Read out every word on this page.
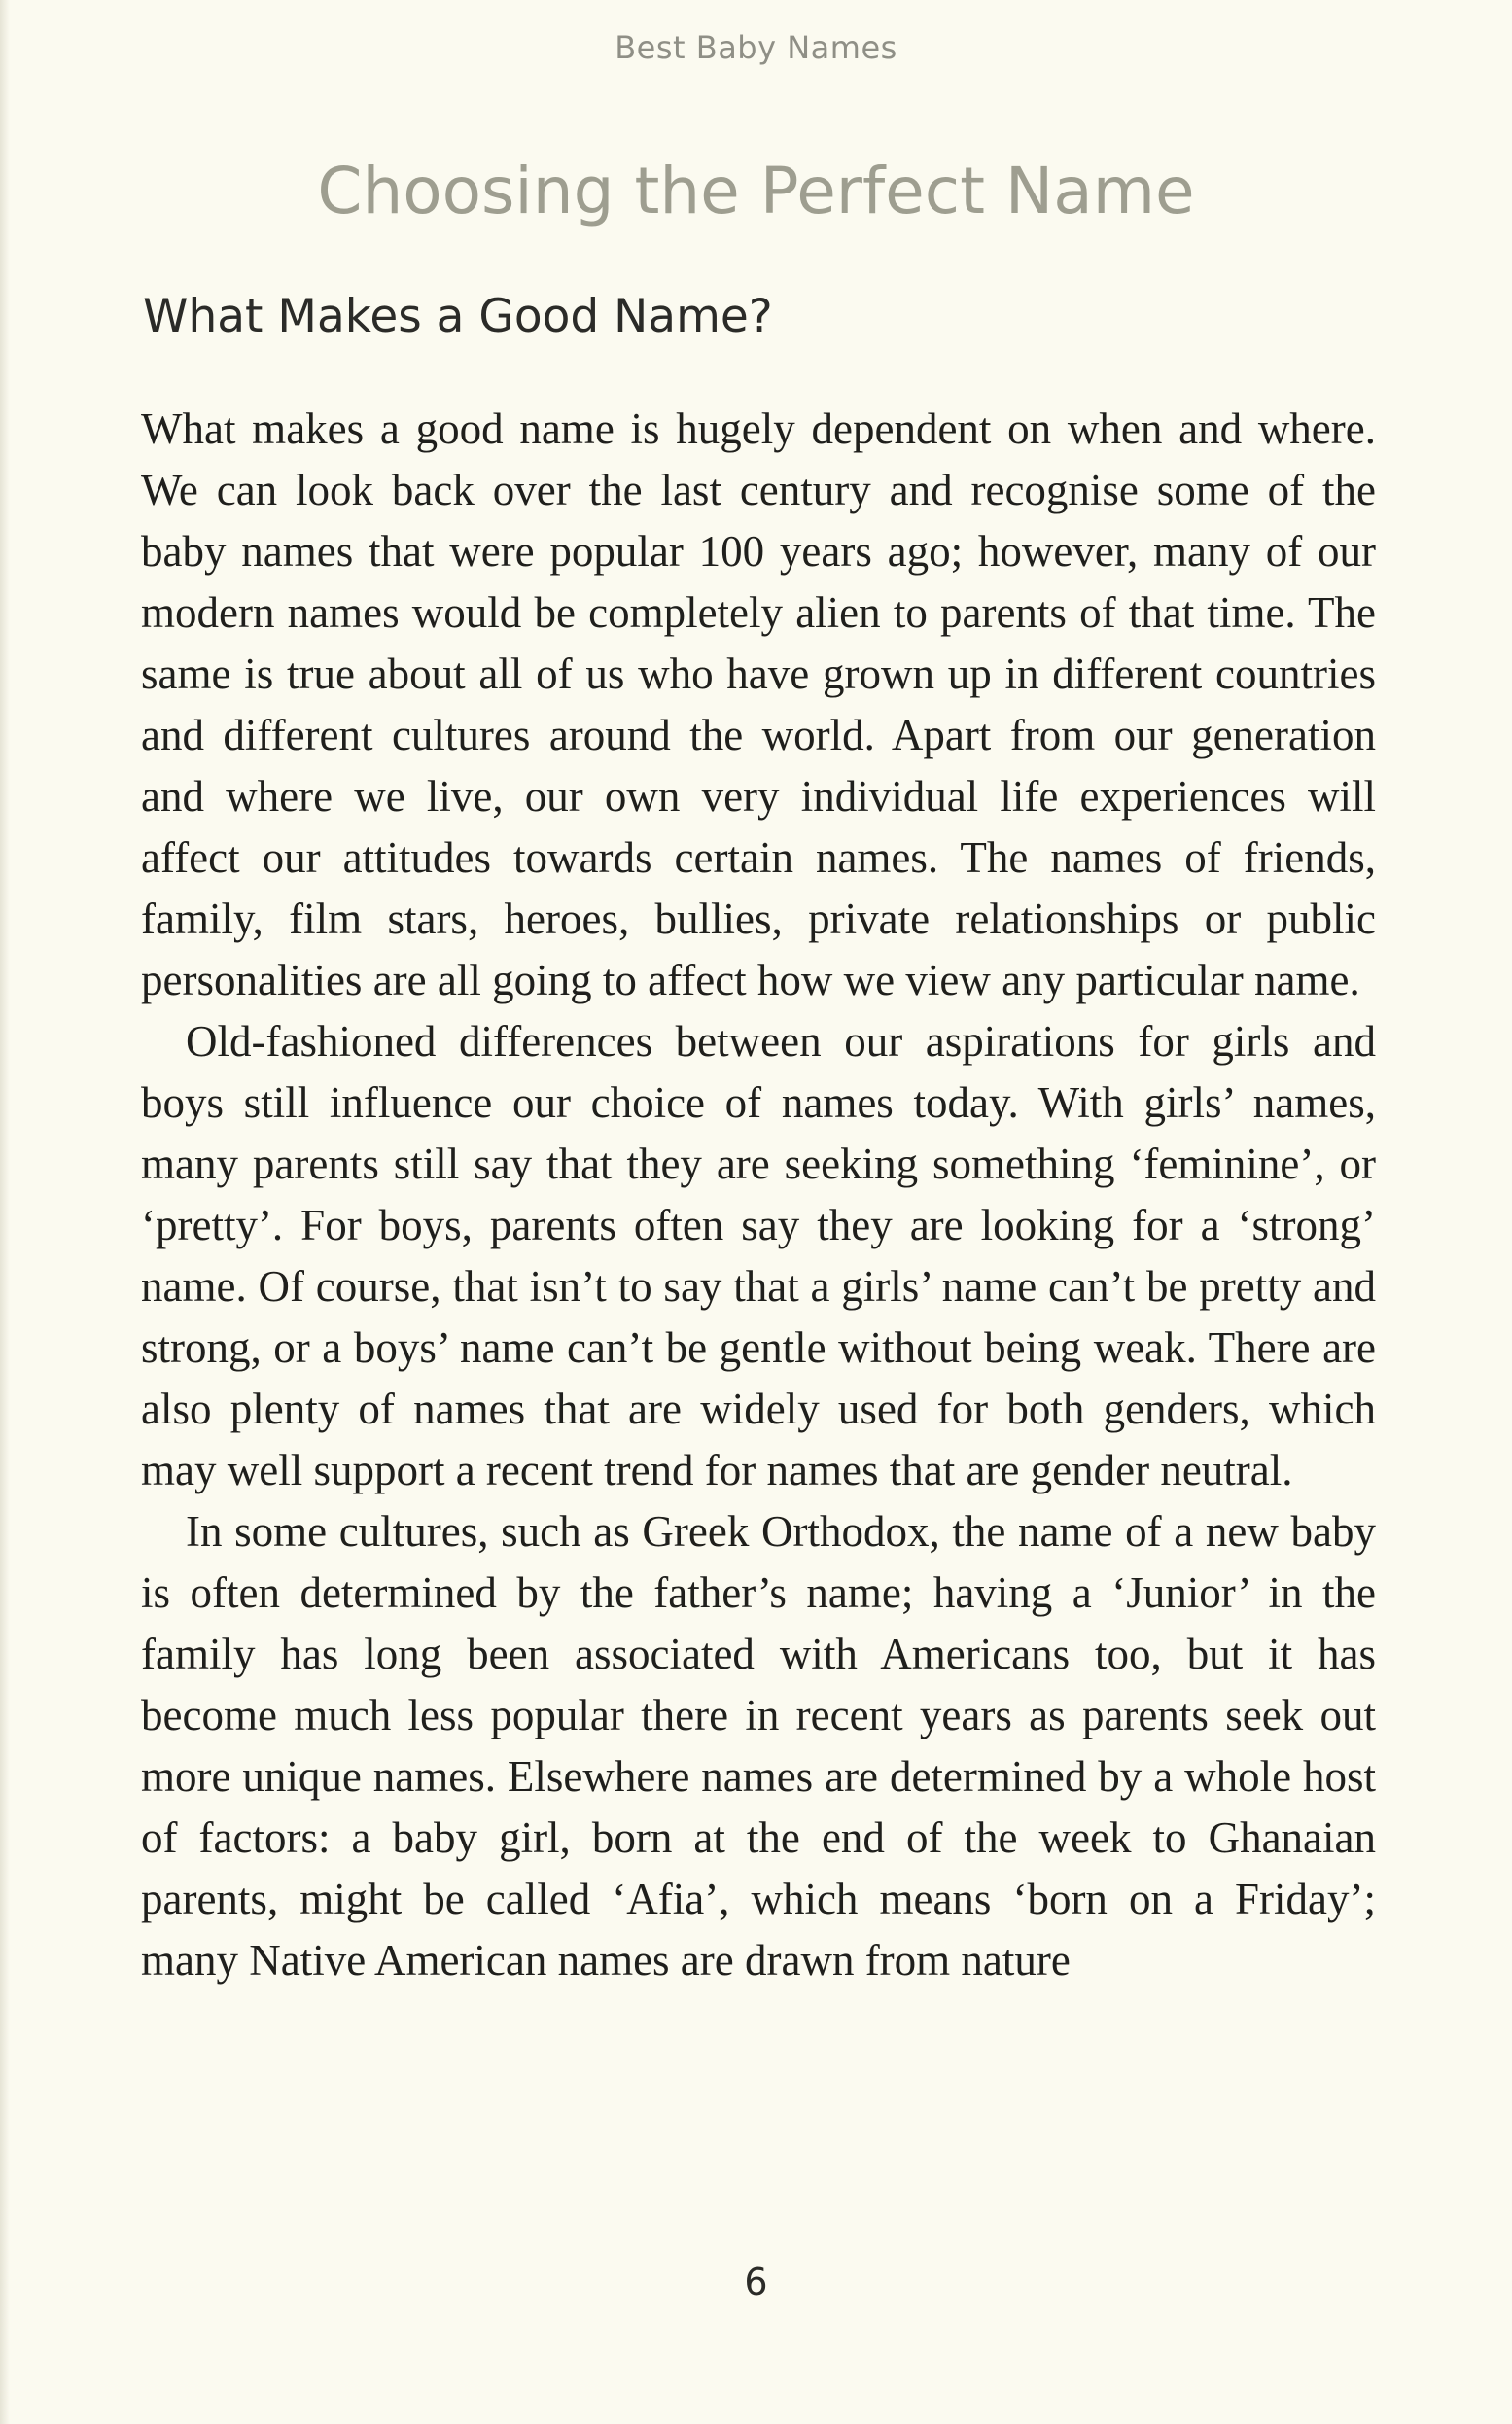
Best Baby Names
Choosing the Perfect Name
What Makes a Good Name?

What makes a good name is hugely dependent on when and where. We can look back over the last century and recognise some of the baby names that were popular 100 years ago; however, many of our modern names would be completely alien to parents of that time. The same is true about all of us who have grown up in different countries and different cultures around the world. Apart from our generation and where we live, our own very individual life experiences will affect our attitudes towards certain names. The names of friends, family, film stars, heroes, bullies, private relationships or public personalities are all going to affect how we view any particular name.

Old-fashioned differences between our aspirations for girls and boys still influence our choice of names today. With girls’ names, many parents still say that they are seeking something ‘feminine’, or ‘pretty’. For boys, parents often say they are looking for a ‘strong’ name. Of course, that isn’t to say that a girls’ name can’t be pretty and strong, or a boys’ name can’t be gentle without being weak. There are also plenty of names that are widely used for both genders, which may well support a recent trend for names that are gender neutral.

In some cultures, such as Greek Orthodox, the name of a new baby is often determined by the father’s name; having a ‘Junior’ in the family has long been associated with Americans too, but it has become much less popular there in recent years as parents seek out more unique names. Elsewhere names are determined by a whole host of factors: a baby girl, born at the end of the week to Ghanaian parents, might be called ‘Afia’, which means ‘born on a Friday’; many Native American names are drawn from nature

6
